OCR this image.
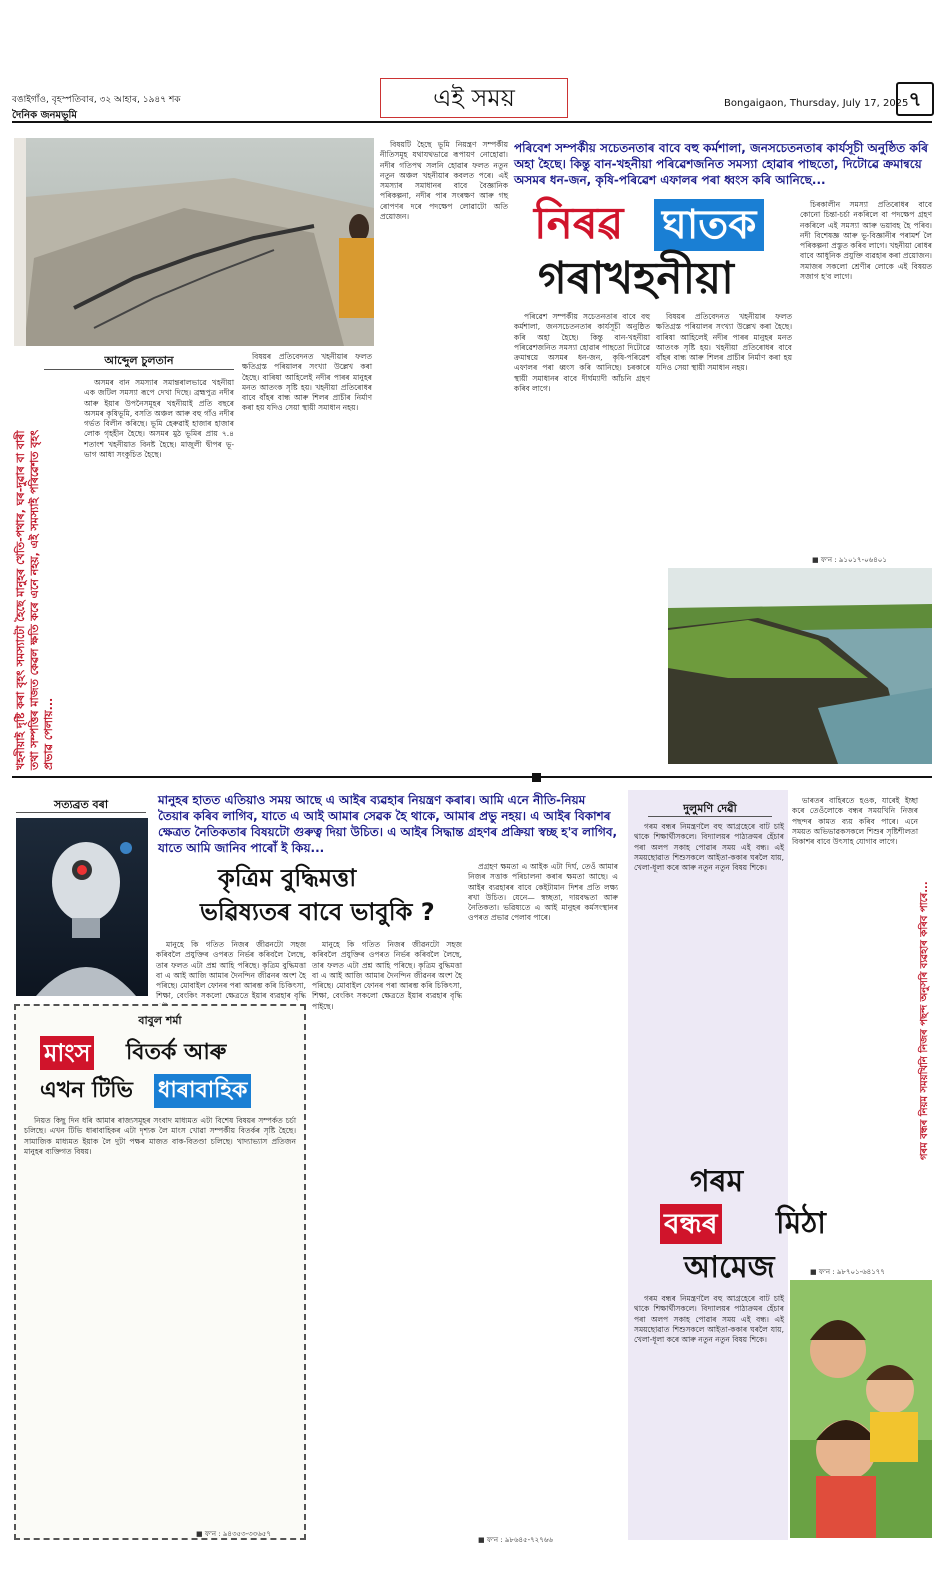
বঙাইগাঁও, বৃহস্পতিবাৰ, ৩২ আহাৰ, ১৯৪৭ শক
দৈনিক জনমভূমি
এই সময়	Bongaigaon, Thursday, July 17, 2025 ৭
পৰিবেশ সম্পৰ্কীয় সচেতনতাৰ বাবে বহু কৰ্মশালা, জনসচেতনতাৰ কাৰ্যসূচী অনুষ্ঠিত কৰি অহা হৈছে। কিন্তু বান-খহনীয়া পৰিৱেশজনিত সমস্যা হোৱাৰ পাছতো, দিটোৱে ক্ৰমান্বয়ে অসমৰ ধন-জন, কৃষি-পৰিৱেশ এফালৰ পৰা ধ্বংস কৰি আনিছে...
নিৰৱ ঘাতক
গৰাখহনীয়া
আব্দেুল চুলতান
খহনীয়াই দৃষ্টি কৰা বৃহৎ সমস্যাটো হৈছে মানুহৰ খেতি-পথাৰ, ঘৰ-দুৱাৰ বা বাৰী তথা সম্পত্তিৰ মাজত কেৱল ক্ষতি কৰে এনে নহয়, এই সমস্যাই পৰিৱেশত বৃহৎ প্ৰভাৱ পেলায়...

অসমৰ বান সমস্যাৰ সমান্তৰালভাৱে খহনীয়া এক জটিল সমস্যা ৰূপে দেখা দিছে। ব্ৰহ্মপুত্ৰ নদীৰ আৰু ইয়াৰ উপনৈসমূহৰ খহনীয়াই প্ৰতি বছৰে অসমৰ কৃষিভূমি, বসতি অঞ্চল আৰু বহু গাঁও নদীৰ গৰ্ভত বিলীন কৰিছে। ভূমি হেৰুৱাই হাজাৰ হাজাৰ লোক গৃহহীন হৈছে। অসমৰ মুঠ ভূমিৰ প্ৰায় ৭.৪ শতাংশ খহনীয়াত বিনষ্ট হৈছে। মাজুলী দ্বীপৰ ভূ-ভাগ আধা সংকুচিত হৈছে।

বিষয়ৰ প্ৰতিবেদনত খহনীয়াৰ ফলত ক্ষতিগ্ৰস্ত পৰিয়ালৰ সংখ্যা উল্লেখ কৰা হৈছে। বাৰিষা আহিলেই নদীৰ পাৰৰ মানুহৰ মনত আতংক সৃষ্টি হয়। খহনীয়া প্ৰতিৰোধৰ বাবে বাঁহৰ বান্ধ আৰু শিলৰ প্ৰাচীৰ নিৰ্মাণ কৰা হয় যদিও সেয়া স্থায়ী সমাধান নহয়।

বিষয়টি হৈছে ভূমি নিয়ন্ত্ৰণ সম্পৰ্কীয় নীতিসমূহ যথাযথভাৱে ৰূপায়ণ নোহোৱা। নদীৰ গতিপথ সলনি হোৱাৰ ফলত নতুন নতুন অঞ্চল খহনীয়াৰ কবলত পৰে। এই সমস্যাৰ সমাধানৰ বাবে বৈজ্ঞানিক পৰিকল্পনা, নদীৰ পাৰ সংৰক্ষণ আৰু গছ ৰোপণৰ দৰে পদক্ষেপ লোৱাটো অতি প্ৰয়োজন।

পৰিৱেশ সম্পৰ্কীয় সচেতনতাৰ বাবে বহু কৰ্মশালা, জনসচেতনতাৰ কাৰ্যসূচী অনুষ্ঠিত কৰি অহা হৈছে। কিন্তু বান-খহনীয়া পৰিৱেশজনিত সমস্যা হোৱাৰ পাছতো দিটোৱে ক্ৰমান্বয়ে অসমৰ ধন-জন, কৃষি-পৰিৱেশ এফালৰ পৰা ধ্বংস কৰি আনিছে। চৰকাৰে স্থায়ী সমাধানৰ বাবে দীৰ্ঘম্যাদী আঁচনি গ্ৰহণ কৰিব লাগে।

বিষয়ৰ প্ৰতিবেদনত খহনীয়াৰ ফলত ক্ষতিগ্ৰস্ত পৰিয়ালৰ সংখ্যা উল্লেখ কৰা হৈছে। বাৰিষা আহিলেই নদীৰ পাৰৰ মানুহৰ মনত আতংক সৃষ্টি হয়। খহনীয়া প্ৰতিৰোধৰ বাবে বাঁহৰ বান্ধ আৰু শিলৰ প্ৰাচীৰ নিৰ্মাণ কৰা হয় যদিও সেয়া স্থায়ী সমাধান নহয়।

চিৰকালীন সমস্যা প্ৰতিৰোধৰ বাবে কোনো চিন্তা-চৰ্চা নকৰিলে বা পদক্ষেপ গ্ৰহণ নকৰিলে এই সমস্যা আৰু ভয়াবহ হৈ পৰিব। নদী বিশেষজ্ঞ আৰু ভূ-বিজ্ঞানীৰ পৰামৰ্শ লৈ পৰিকল্পনা প্ৰস্তুত কৰিব লাগে। খহনীয়া ৰোধৰ বাবে আধুনিক প্ৰযুক্তি ব্যৱহাৰ কৰা প্ৰয়োজন। সমাজৰ সকলো শ্ৰেণীৰ লোকে এই বিষয়ত সজাগ হ'ব লাগে।

■ ফ'ন : ৯১০১৭-০৬৪০১
সত্যব্ৰত বৰা	মানুহৰ হাতত এতিয়াও সময় আছে এ আইৰ ব্যৱহাৰ নিয়ন্ত্ৰণ কৰাৰ। আমি এনে নীতি-নিয়ম তৈয়াৰ কৰিব লাগিব, যাতে এ আই আমাৰ সেৱক হৈ থাকে, আমাৰ প্ৰভু নহয়। এ আইৰ বিকাশৰ ক্ষেত্ৰত নৈতিকতাৰ বিষয়টো গুৰুত্ব দিয়া উচিত। এ আইৰ সিদ্ধান্ত গ্ৰহণৰ প্ৰক্ৰিয়া স্বচ্ছ হ'ব লাগিব, যাতে আমি জানিব পাৰোঁ ই কিয়...
কৃত্ৰিম বুদ্ধিমত্তা
ভৱিষ্যতৰ বাবে ভাবুকি ?

মানুহে কি গতিত নিজৰ জীৱনটো সহজ কৰিবলৈ প্ৰযুক্তিৰ ওপৰত নিৰ্ভৰ কৰিবলৈ লৈছে, তাৰ ফলত এটা প্ৰশ্ন আহি পৰিছে। কৃত্ৰিম বুদ্ধিমত্তা বা এ আই আজি আমাৰ দৈনন্দিন জীৱনৰ অংশ হৈ পৰিছে। মোবাইল ফোনৰ পৰা আৰম্ভ কৰি চিকিৎসা, শিক্ষা, বেংকিং সকলো ক্ষেত্ৰতে ইয়াৰ ব্যৱহাৰ বৃদ্ধি

মানুহে কি গতিত নিজৰ জীৱনটো সহজ কৰিবলৈ প্ৰযুক্তিৰ ওপৰত নিৰ্ভৰ কৰিবলৈ লৈছে, তাৰ ফলত এটা প্ৰশ্ন আহি পৰিছে। কৃত্ৰিম বুদ্ধিমত্তা বা এ আই আজি আমাৰ দৈনন্দিন জীৱনৰ অংশ হৈ পৰিছে। মোবাইল ফোনৰ পৰা আৰম্ভ কৰি চিকিৎসা, শিক্ষা, বেংকিং সকলো ক্ষেত্ৰতে ইয়াৰ ব্যৱহাৰ বৃদ্ধি পাইছে।

প্ৰগ্ৰহণ ক্ষমতা এ আইক এটা দিৰ্ঘ, তেওঁ আমাৰ নিজৰ সত্তাক পৰিচালনা কৰাৰ ক্ষমতা আছে। এ আইৰ ব্যৱহাৰৰ বাবে কেইটামান দিশৰ প্ৰতি লক্ষ্য ৰখা উচিত। যেনে— স্বচ্ছতা, দায়বদ্ধতা আৰু নৈতিকতা। ভৱিষ্যতে এ আই মানুহৰ কৰ্মসংস্থানৰ ওপৰত প্ৰভাৱ পেলাব পাৰে।

■ ফ'ন : ৯৮৬৪৫-৭২৭৬৬
বাবুল শৰ্মা
মাংস বিতৰ্ক আৰু
এখন টিভি ধাৰাবাহিক

নিয়ত কিছু দিন ধৰি আমাৰ ৰাজ্যসমূহৰ সংবাদ মাধ্যমত এটা বিশেষ বিষয়ৰ সম্পৰ্কত চৰ্চা চলিছে। এখন টিভি ধাৰাবাহিকৰ এটা দৃশ্যক লৈ মাংস খোৱা সম্পৰ্কীয় বিতৰ্কৰ সৃষ্টি হৈছে। সামাজিক মাধ্যমত ইয়াক লৈ দুটা পক্ষৰ মাজত বাক-বিতণ্ডা চলিছে। খাদ্যাভ্যাস প্ৰতিজন মানুহৰ ব্যক্তিগত বিষয়।

■ ফ'ন : ৯৪৩৫৩-৩৩৬৫৭
দুলুমণি দেৱী

গৰম বন্ধৰ নিমন্ত্ৰণলৈ বহু আগ্ৰহেৰে বাট চাই থাকে শিক্ষাৰ্থীসকলে। বিদ্যালয়ৰ পাঠ্যক্ৰমৰ হেঁচাৰ পৰা অলপ সকাহ পোৱাৰ সময় এই বন্ধ। এই সময়ছোৱাত শিশুসকলে আইতা-ককাৰ ঘৰলৈ যায়, খেলা-ধূলা কৰে আৰু নতুন নতুন বিষয় শিকে।

ভাৰতৰ বাহিৰতে হওক, যাৰেই ইচ্ছা কৰে তেওঁলোকে বন্ধৰ সময়খিনি নিজৰ পছন্দৰ কামত ব্যয় কৰিব পাৰে। এনে সময়ত অভিভাৱকসকলে শিশুৰ সৃষ্টিশীলতা বিকাশৰ বাবে উৎসাহ যোগাব লাগে।

গৰম
বন্ধৰ মিঠা
আমেজ

গৰম বন্ধৰ নিমন্ত্ৰণলৈ বহু আগ্ৰহেৰে বাট চাই থাকে শিক্ষাৰ্থীসকলে। বিদ্যালয়ৰ পাঠ্যক্ৰমৰ হেঁচাৰ পৰা অলপ সকাহ পোৱাৰ সময় এই বন্ধ। এই সময়ছোৱাত শিশুসকলে আইতা-ককাৰ ঘৰলৈ যায়, খেলা-ধূলা কৰে আৰু নতুন নতুন বিষয় শিকে।

গৰম বন্ধৰ নিয়ম সময়খিনি নিজৰ পছন্দ অনুসৰি ব্যৱহাৰ কৰিব পাৰে...
■ ফ'ন : ৯৮৭০১-৬৪১৭৭
